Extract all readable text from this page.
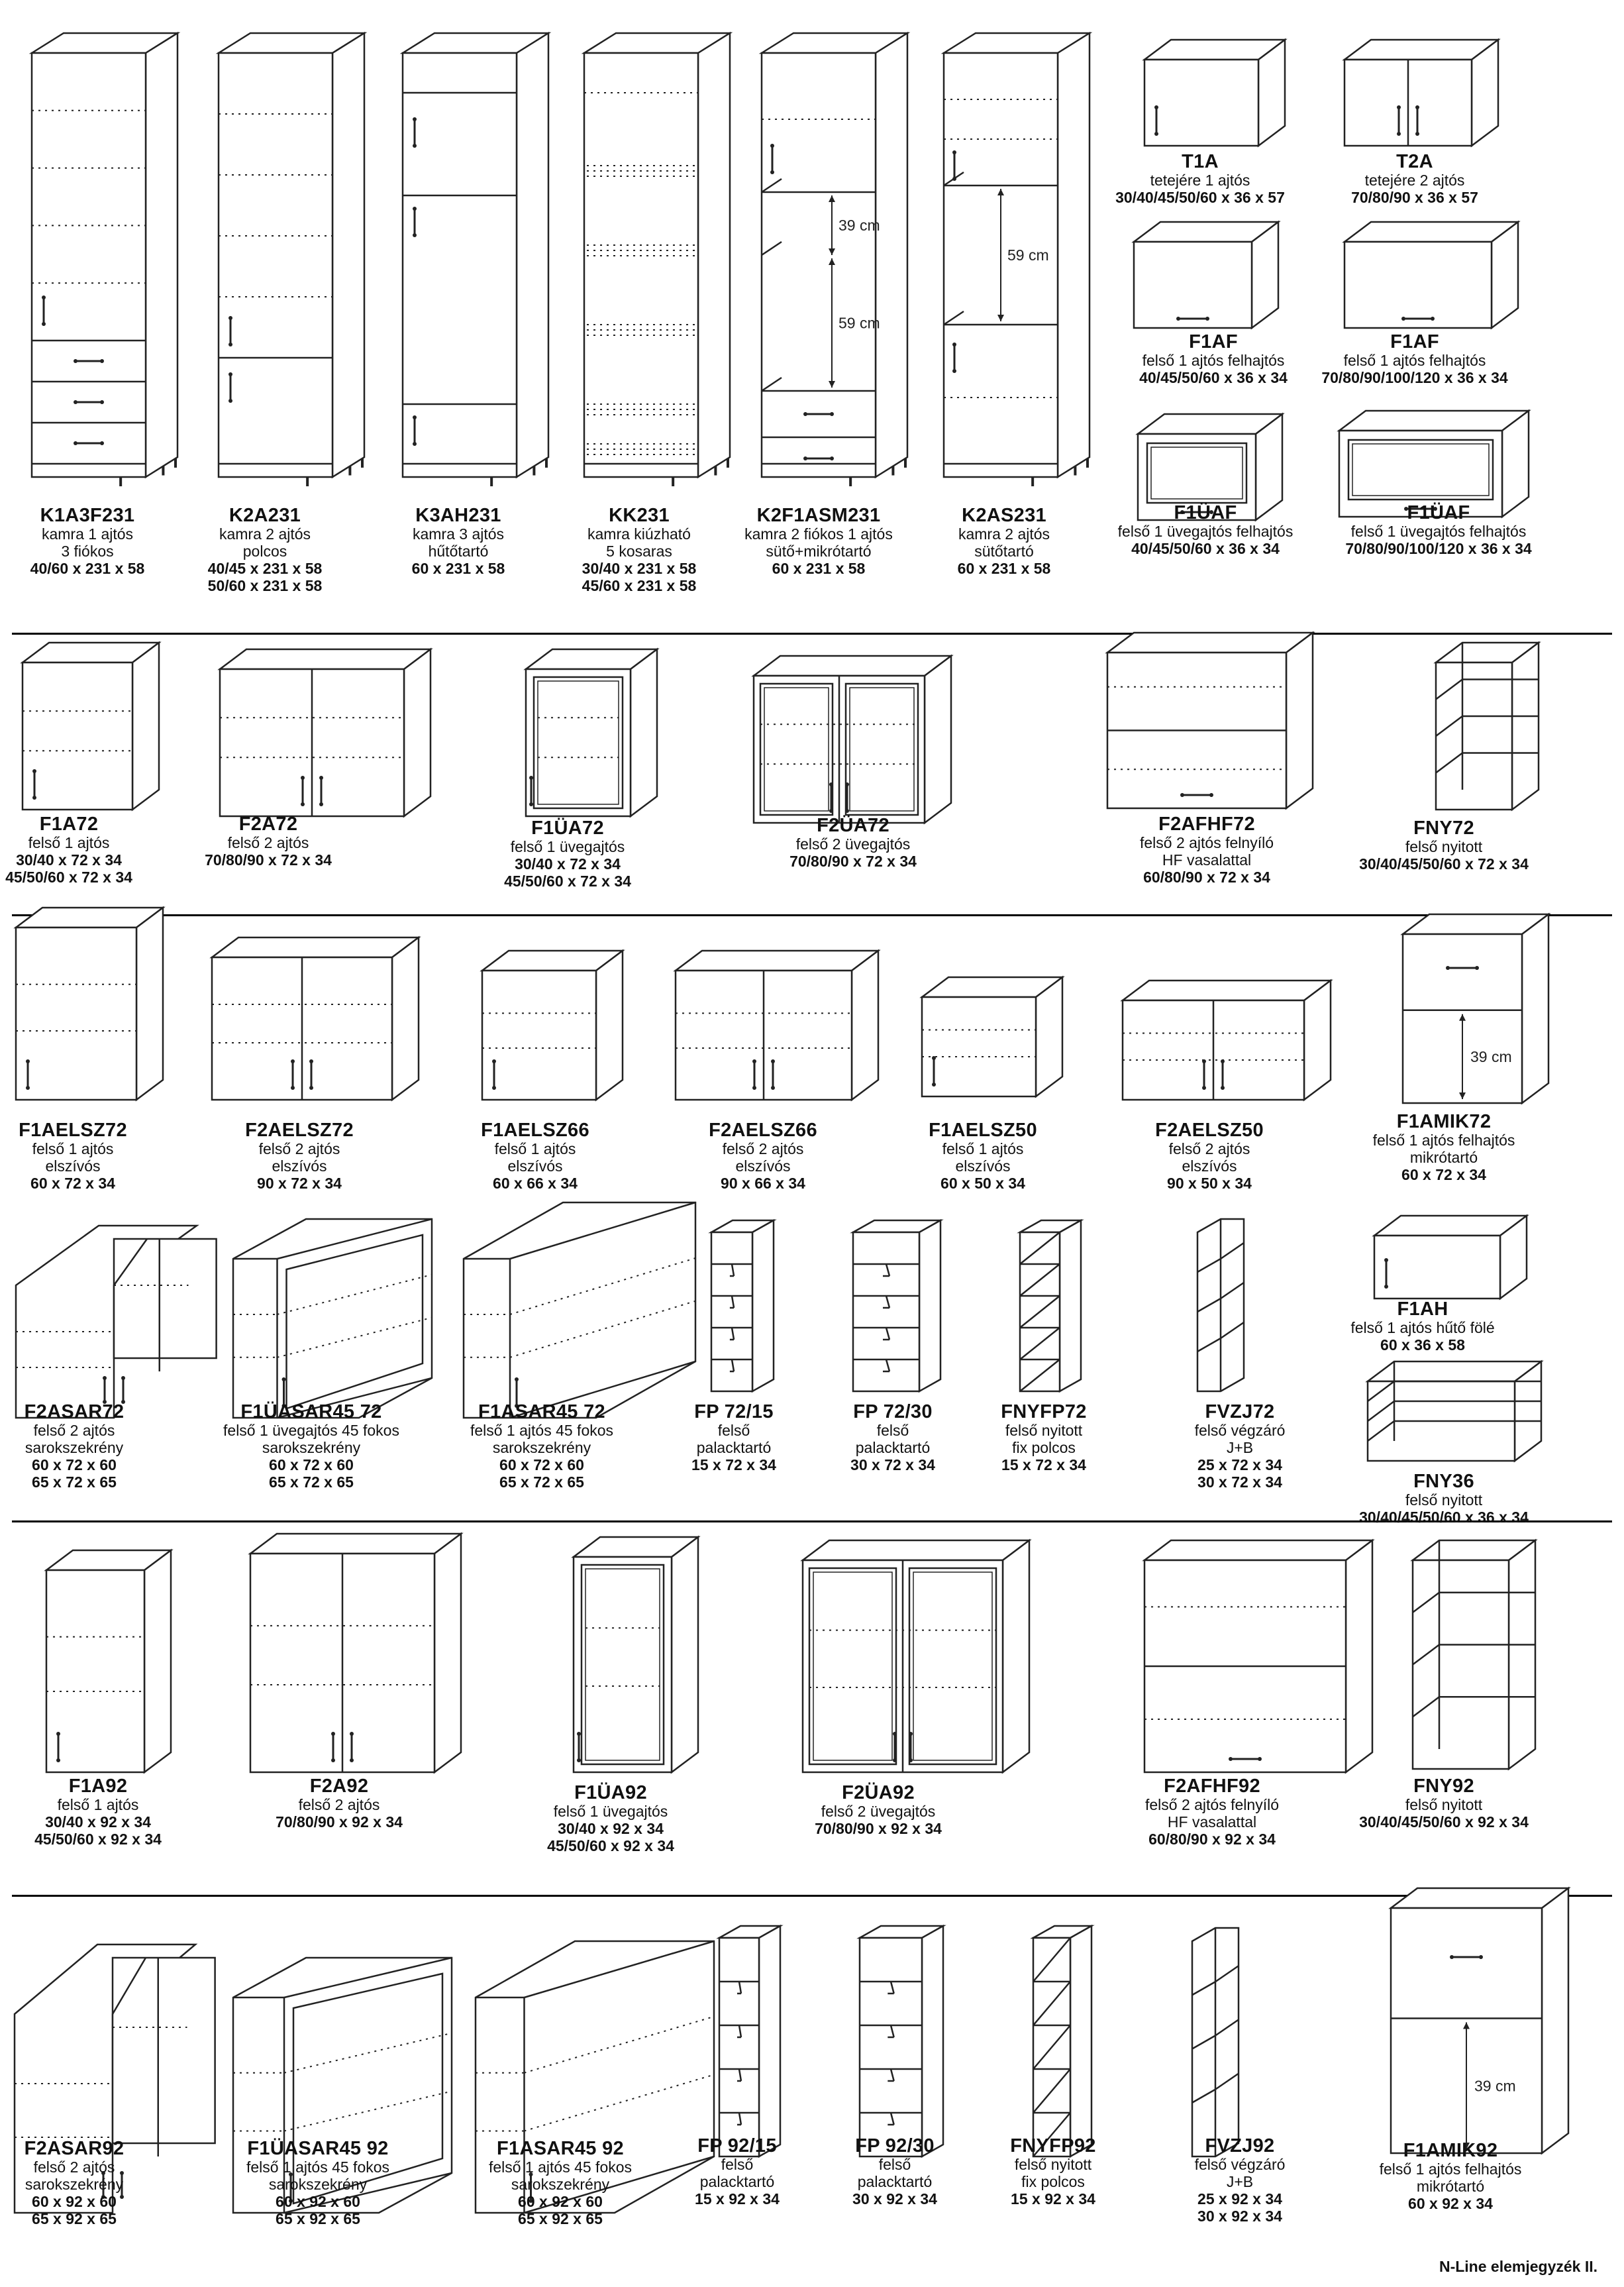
K1A3F231
kamra 1 ajtós
3 fiókos
40/60 x 231 x 58
K2A231
kamra 2 ajtós
polcos
40/45 x 231 x 58
50/60 x 231 x 58
K3AH231
kamra 3 ajtós
hűtőtartó
60 x 231 x 58
KK231
kamra kiúzható
5 kosaras
30/40 x 231 x 58
45/60 x 231 x 58
39 cm
59 cm
K2F1ASM231
kamra 2 fiókos 1 ajtós
sütő+mikrótartó
60 x 231 x 58
59 cm
K2AS231
kamra 2 ajtós
sütőtartó
60 x 231 x 58
T1A
tetejére 1 ajtós
30/40/45/50/60 x 36 x 57
T2A
tetejére 2 ajtós
70/80/90 x 36 x 57
F1AF
felső 1 ajtós felhajtós
40/45/50/60 x 36 x 34
F1AF
felső 1 ajtós felhajtós
70/80/90/100/120 x 36 x 34
F1ÜAF
felső 1 üvegajtós felhajtós
40/45/50/60 x 36 x 34
F1ÜAF
felső 1 üvegajtós felhajtós
70/80/90/100/120 x 36 x 34
F1A72
felső 1 ajtós
30/40 x 72 x 34
45/50/60 x 72 x 34
F2A72
felső 2 ajtós
70/80/90 x 72 x 34
F1ÜA72
felső 1 üvegajtós
30/40 x 72 x 34
45/50/60 x 72 x 34
F2ÜA72
felső 2 üvegajtós
70/80/90 x 72 x 34
F2AFHF72
felső 2 ajtós felnyíló
HF vasalattal
60/80/90 x 72 x 34
FNY72
felső nyitott
30/40/45/50/60 x 72 x 34
F1AELSZ72
felső 1 ajtós
elszívós
60 x 72 x 34
F2AELSZ72
felső 2 ajtós
elszívós
90 x 72 x 34
F1AELSZ66
felső 1 ajtós
elszívós
60 x 66 x 34
F2AELSZ66
felső 2 ajtós
elszívós
90 x 66 x 34
F1AELSZ50
felső 1 ajtós
elszívós
60 x 50 x 34
F2AELSZ50
felső 2 ajtós
elszívós
90 x 50 x 34
39 cm
F1AMIK72
felső 1 ajtós felhajtós
mikrótartó
60 x 72 x 34
F2ASAR72
felső 2 ajtós
sarokszekrény
60 x 72 x 60
65 x 72 x 65
F1ÜASAR45 72
felső 1 üvegajtós 45 fokos
sarokszekrény
60 x 72 x 60
65 x 72 x 65
F1ASAR45 72
felső 1 ajtós 45 fokos
sarokszekrény
60 x 72 x 60
65 x 72 x 65
FP 72/15
felső
palacktartó
15 x 72 x 34
FP 72/30
felső
palacktartó
30 x 72 x 34
FNYFP72
felső nyitott
fix polcos
15 x 72 x 34
FVZJ72
felső végzáró
J+B
25 x 72 x 34
30 x 72 x 34
F1AH
felső 1 ajtós hűtő fölé
60 x 36 x 58
FNY36
felső nyitott
30/40/45/50/60 x 36 x 34
F1A92
felső 1 ajtós
30/40 x 92 x 34
45/50/60 x 92 x 34
F2A92
felső 2 ajtós
70/80/90 x 92 x 34
F1ÜA92
felső 1 üvegajtós
30/40 x 92 x 34
45/50/60 x 92 x 34
F2ÜA92
felső 2 üvegajtós
70/80/90 x 92 x 34
F2AFHF92
felső 2 ajtós felnyíló
HF vasalattal
60/80/90 x 92 x 34
FNY92
felső nyitott
30/40/45/50/60 x 92 x 34
F2ASAR92
felső 2 ajtós
sarokszekrény
60 x 92 x 60
65 x 92 x 65
F1ÜASAR45 92
felső 1 ajtós 45 fokos
sarokszekrény
60 x 92 x 60
65 x 92 x 65
F1ASAR45 92
felső 1 ajtós 45 fokos
sarokszekrény
60 x 92 x 60
65 x 92 x 65
FP 92/15
felső
palacktartó
15 x 92 x 34
FP 92/30
felső
palacktartó
30 x 92 x 34
FNYFP92
felső nyitott
fix polcos
15 x 92 x 34
FVZJ92
felső végzáró
J+B
25 x 92 x 34
30 x 92 x 34
39 cm
F1AMIK92
felső 1 ajtós felhajtós
mikrótartó
60 x 92 x 34
N-Line elemjegyzék II.
